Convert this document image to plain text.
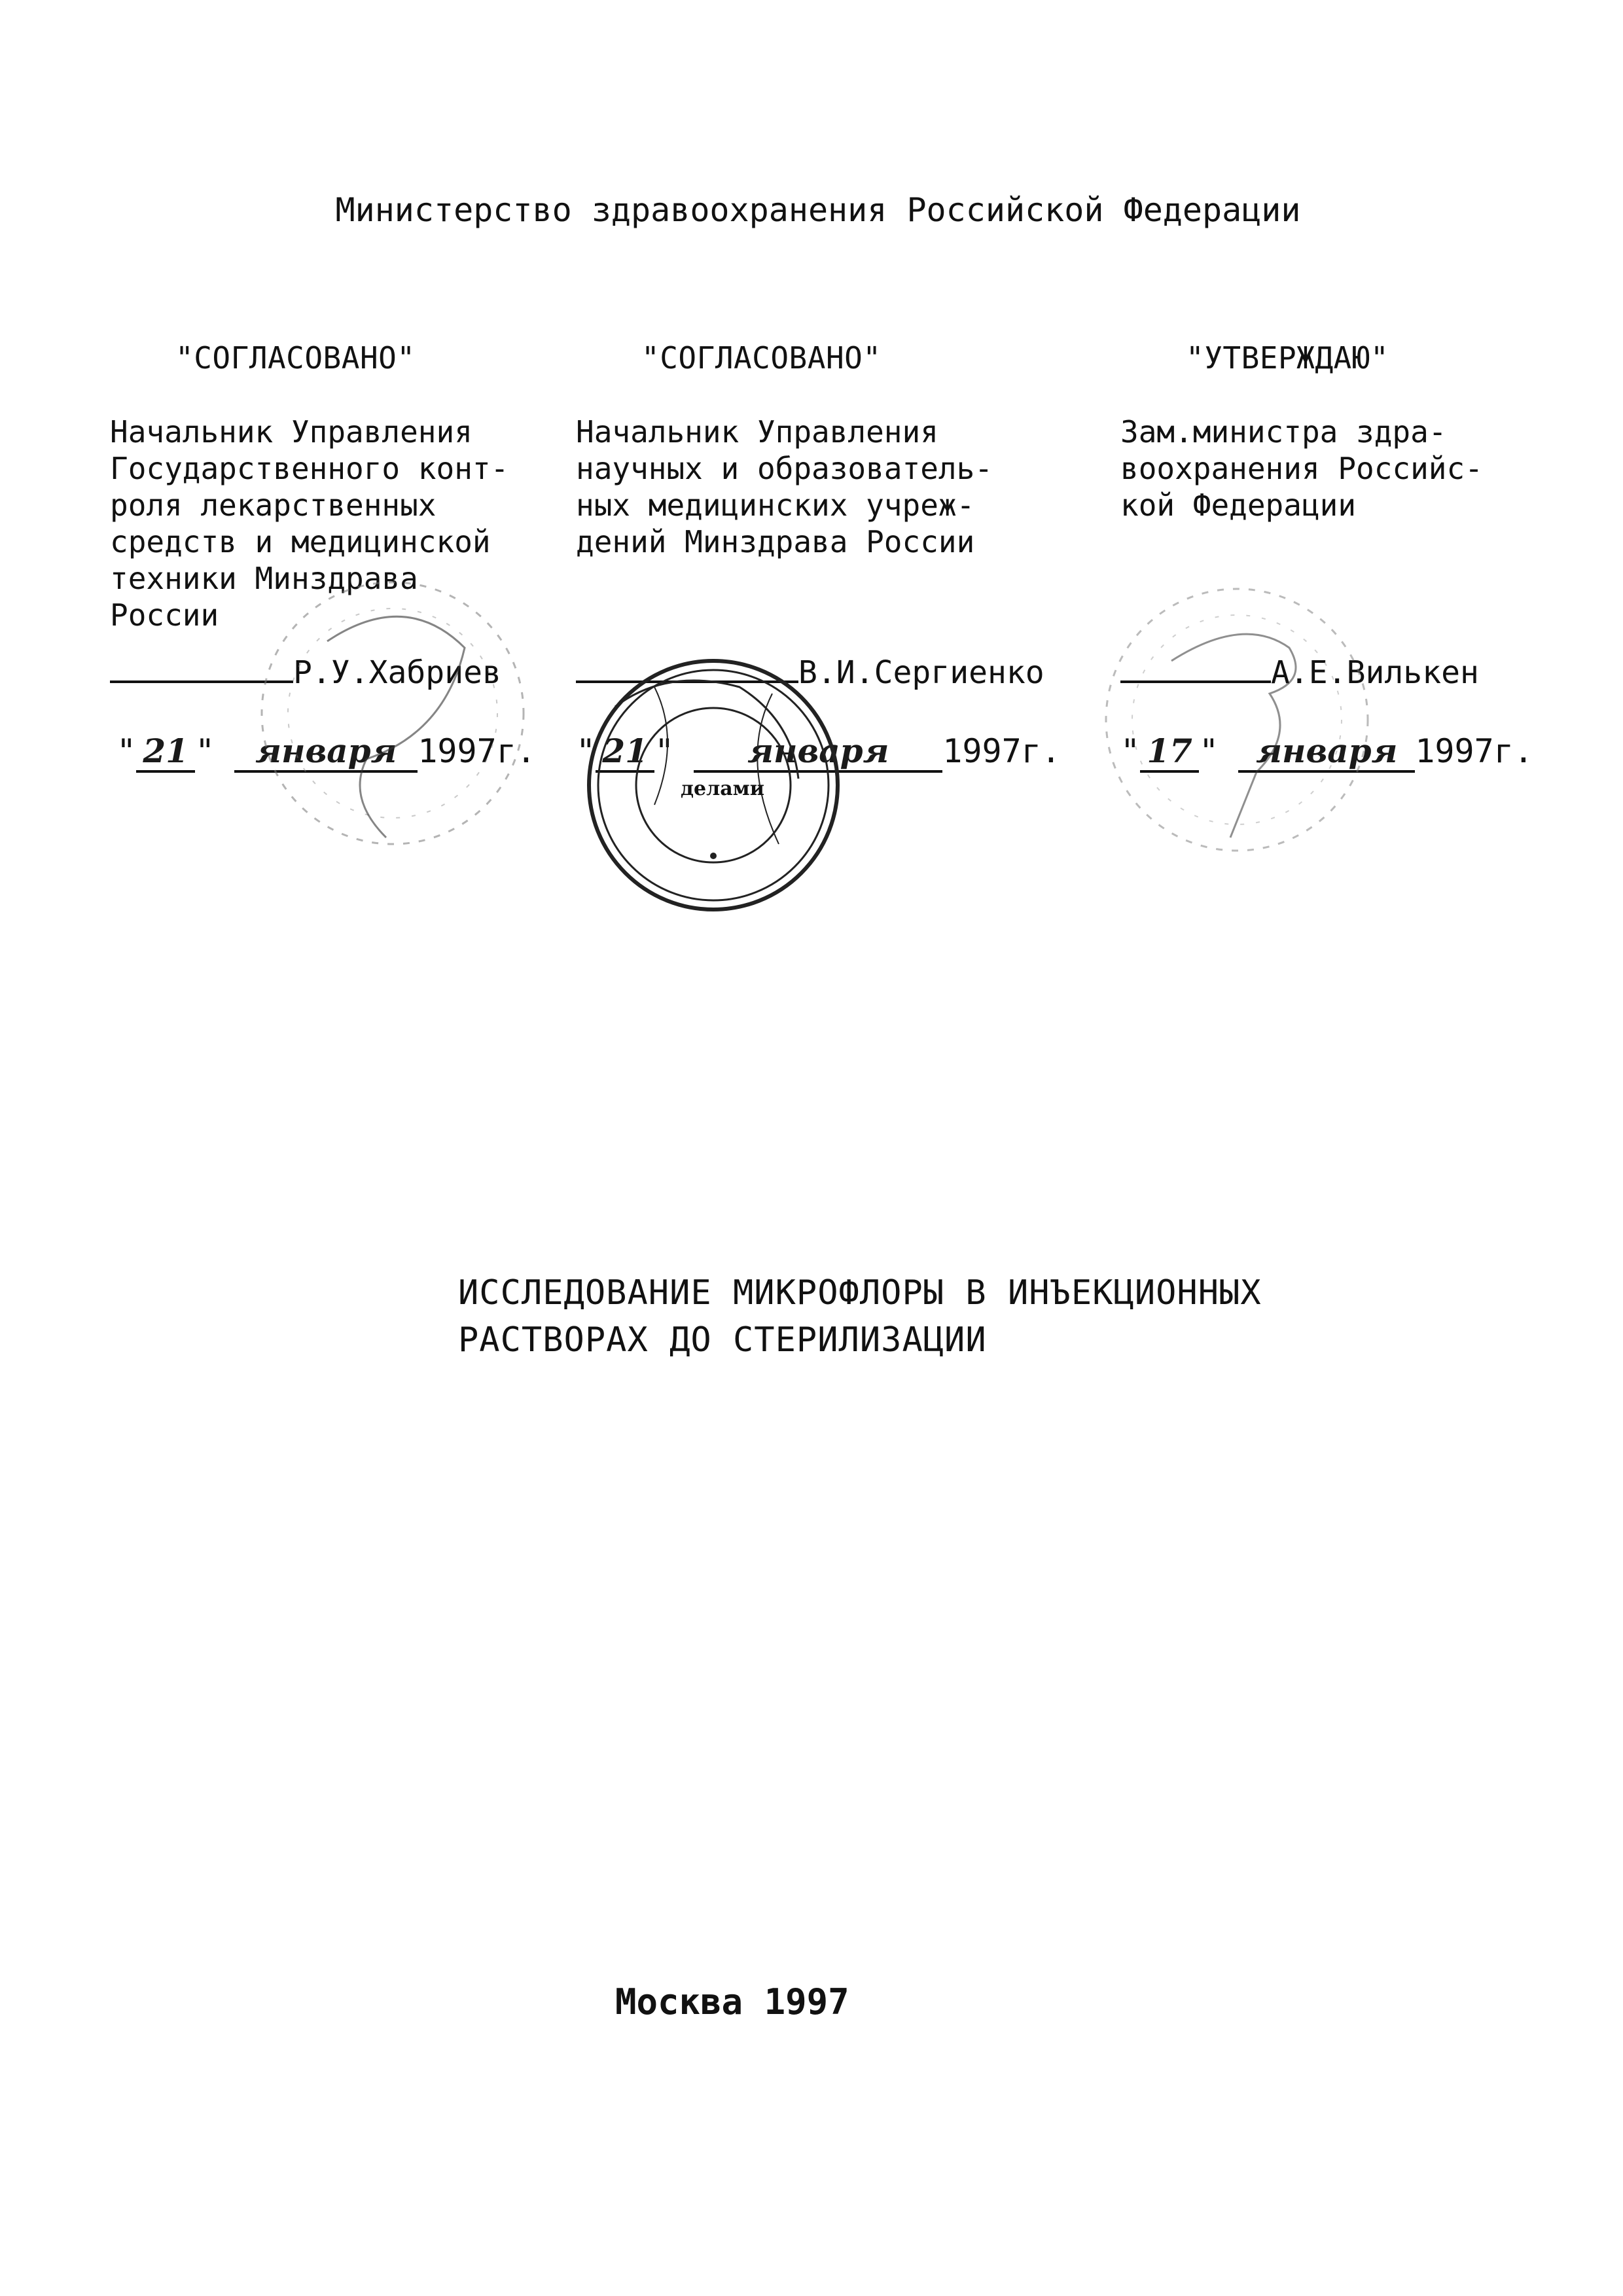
Министерство здравоохранения Российской Федерации
"СОГЛАСОВАНО"
Начальник Управления
Государственного конт-
роля лекарственных
средств и медицинской
техники Минздрава
России
"СОГЛАСОВАНО"
Начальник Управления
научных и образователь-
ных медицинских учреж-
дений Минздрава России
"УТВЕРЖДАЮ"
Зам.министра здра-
воохранения Российс-
кой Федерации
Р.У.Хабриев	В.И.Сергиенко	А.Е.Вилькен
" 21 " января 1997г. " 21 " января 1997г. " 17 " января 1997г.
делами
ИССЛЕДОВАНИЕ МИКРОФЛОРЫ В ИНЪЕКЦИОННЫХ
РАСТВОРАХ ДО СТЕРИЛИЗАЦИИ
Москва 1997
